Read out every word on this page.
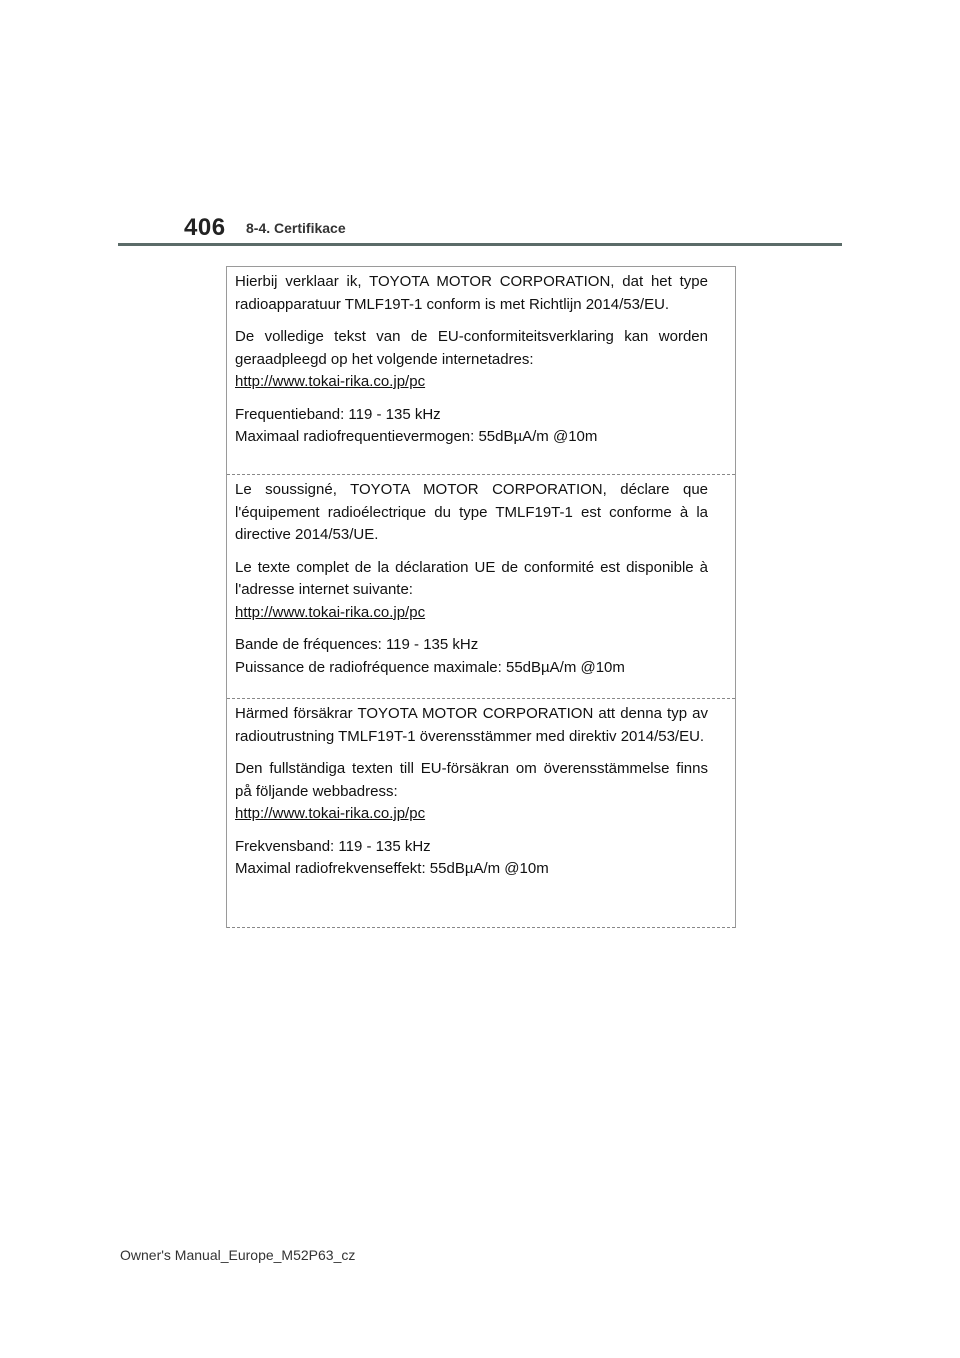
406 8-4. Certifikace

Hierbij verklaar ik, TOYOTA MOTOR CORPORATION, dat het type radioapparatuur TMLF19T-1 conform is met Richtlijn 2014/53/EU.

De volledige tekst van de EU-conformiteitsverklaring kan worden geraadpleegd op het volgende internetadres:
http://www.tokai-rika.co.jp/pc

Frequentieband: 119 - 135 kHz
Maximaal radiofrequentievermogen: 55dBµA/m @10m

Le soussigné, TOYOTA MOTOR CORPORATION, déclare que l'équipement radioélectrique du type TMLF19T-1 est conforme à la directive 2014/53/UE.

Le texte complet de la déclaration UE de conformité est disponible à l'adresse internet suivante:
http://www.tokai-rika.co.jp/pc

Bande de fréquences: 119 - 135 kHz
Puissance de radiofréquence maximale: 55dBµA/m @10m

Härmed försäkrar TOYOTA MOTOR CORPORATION att denna typ av radioutrustning TMLF19T-1 överensstämmer med direktiv 2014/53/EU.

Den fullständiga texten till EU-försäkran om överensstämmelse finns på följande webbadress:
http://www.tokai-rika.co.jp/pc

Frekvensband: 119 - 135 kHz
Maximal radiofrekvenseffekt: 55dBµA/m @10m

Owner's Manual_Europe_M52P63_cz
